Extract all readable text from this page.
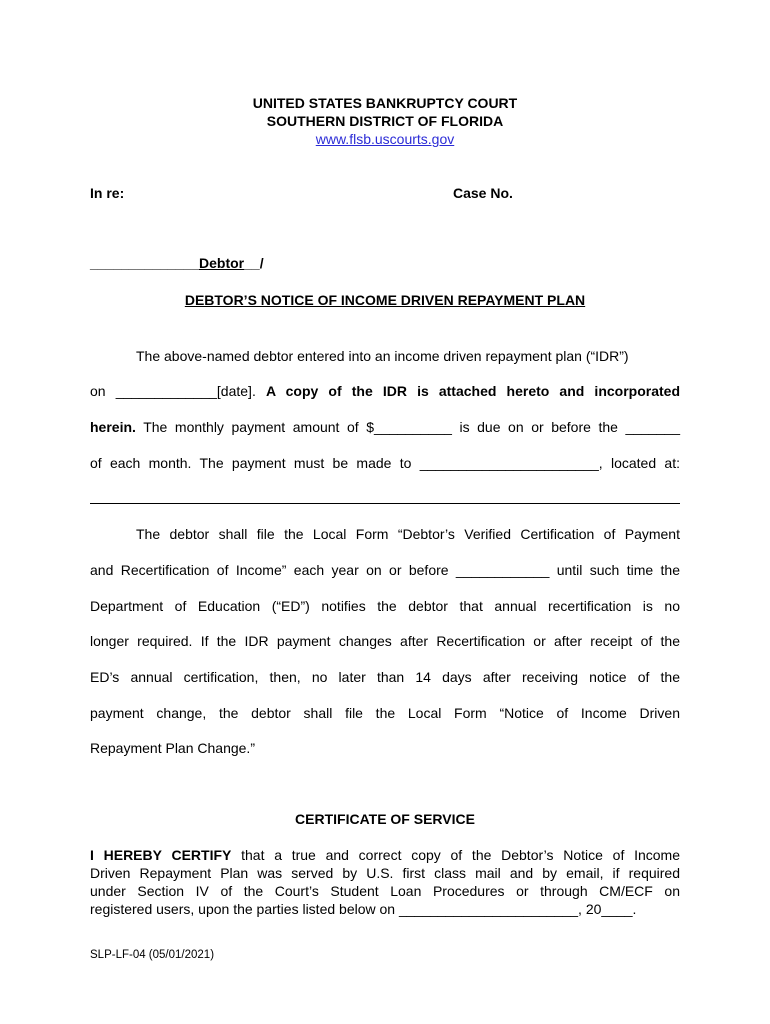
UNITED STATES BANKRUPTCY COURT
SOUTHERN DISTRICT OF FLORIDA
www.flsb.uscourts.gov
In re:	Case No.
______________Debtor__/
DEBTOR’S NOTICE OF INCOME DRIVEN REPAYMENT PLAN
The above-named debtor entered into an income driven repayment plan (“IDR”)
on _____________[date]. A copy of the IDR is attached hereto and incorporated
herein. The monthly payment amount of $__________ is due on or before the _______
of each month. The payment must be made to _______________________, located at:
The debtor shall file the Local Form “Debtor’s Verified Certification of Payment
and Recertification of Income” each year on or before ____________ until such time the
Department of Education (“ED”) notifies the debtor that annual recertification is no
longer required. If the IDR payment changes after Recertification or after receipt of the
ED’s annual certification, then, no later than 14 days after receiving notice of the
payment change, the debtor shall file the Local Form “Notice of Income Driven
Repayment Plan Change.”
CERTIFICATE OF SERVICE
I HEREBY CERTIFY that a true and correct copy of the Debtor’s Notice of Income
Driven Repayment Plan was served by U.S. first class mail and by email, if required
under Section IV of the Court’s Student Loan Procedures or through CM/ECF on
registered users, upon the parties listed below on _______________________, 20____.
SLP-LF-04 (05/01/2021)
